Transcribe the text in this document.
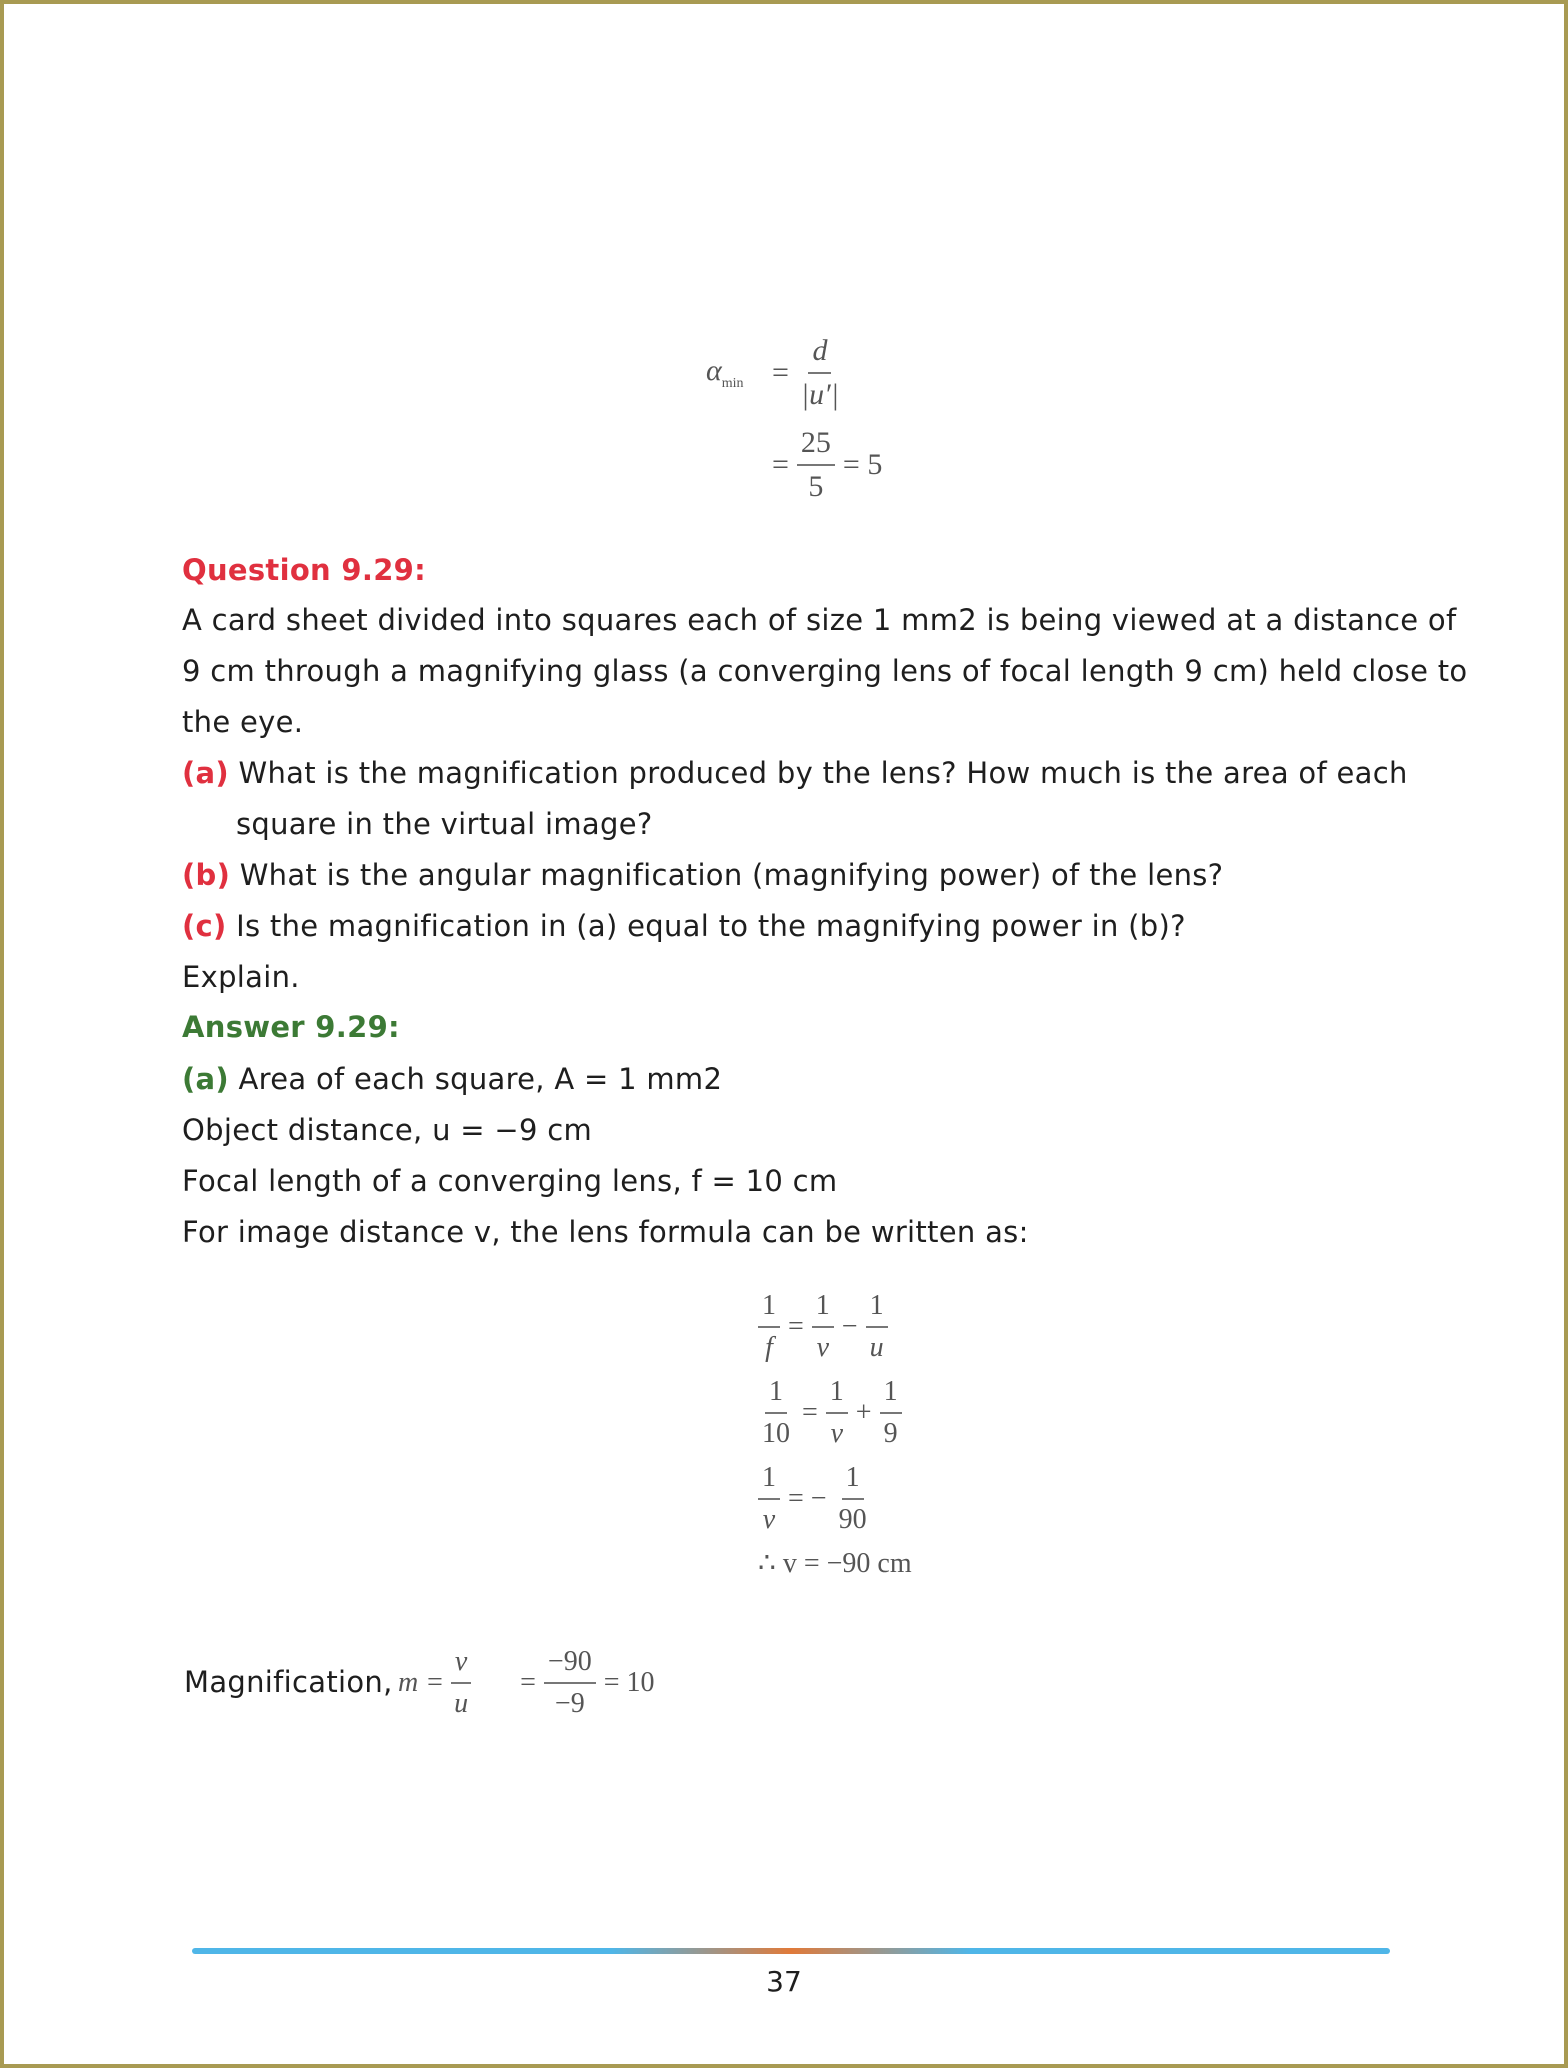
$\alpha_{min} = \frac{d}{|u'|}$
= $\frac{25}{5} = 5$
Question 9.29:
A card sheet divided into squares each of size 1 mm2 is being viewed at a distance of
9 cm through a magnifying glass (a converging lens of focal length 9 cm) held close to
the eye.
(a) What is the magnification produced by the lens? How much is the area of each
square in the virtual image?
(b) What is the angular magnification (magnifying power) of the lens?
(c) Is the magnification in (a) equal to the magnifying power in (b)?
Explain.
Answer 9.29:
(a) Area of each square, A = 1 mm2
Object distance, u = −9 cm
Focal length of a converging lens, f = 10 cm
For image distance v, the lens formula can be written as:
$\frac{1}{f} = \frac{1}{v} - \frac{1}{u}$
$\frac{1}{10} = \frac{1}{v} + \frac{1}{9}$
$\frac{1}{v}$ = − $\frac{1}{90}$
∴ v = −90 cm
Magnification, $m = \frac{v}{u} = \frac{-90}{-9} = 10$
37
